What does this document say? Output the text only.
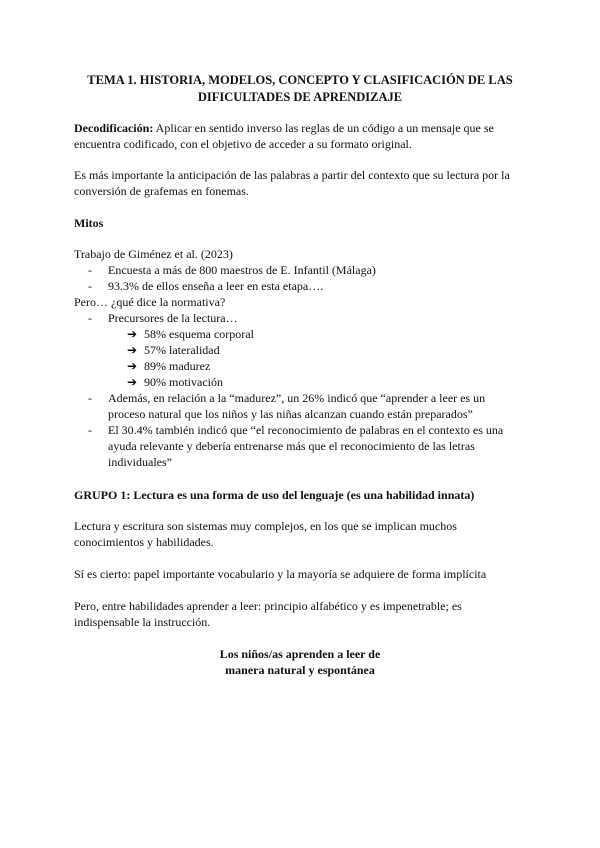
TEMA 1. HISTORIA, MODELOS, CONCEPTO Y CLASIFICACIÓN DE LAS
DIFICULTADES DE APRENDIZAJE
Decodificación: Aplicar en sentido inverso las reglas de un código a un mensaje que se
encuentra codificado, con el objetivo de acceder a su formato original.
Es más importante la anticipación de las palabras a partir del contexto que su lectura por la
conversión de grafemas en fonemas.
Mitos
Trabajo de Giménez et al. (2023)
- Encuesta a más de 800 maestros de E. Infantil (Málaga)
- 93.3% de ellos enseña a leer en esta etapa….
Pero… ¿qué dice la normativa?
- Precursores de la lectura…
➔ 58% esquema corporal
➔ 57% lateralidad
➔ 89% madurez
➔ 90% motivación
- Además, en relación a la “madurez”, un 26% indicó que “aprender a leer es un
proceso natural que los niños y las niñas alcanzan cuando están preparados”
- El 30.4% también indicó que “el reconocimiento de palabras en el contexto es una
ayuda relevante y debería entrenarse más que el reconocimiento de las letras
individuales”
GRUPO 1: Lectura es una forma de uso del lenguaje (es una habilidad innata)
Lectura y escritura son sistemas muy complejos, en los que se implican muchos
conocimientos y habilidades.
Sí es cierto: papel importante vocabulario y la mayoría se adquiere de forma implícita
Pero, entre habilidades aprender a leer: principio alfabético y es impenetrable; es
indispensable la instrucción.
Los niños/as aprenden a leer de
manera natural y espontánea
